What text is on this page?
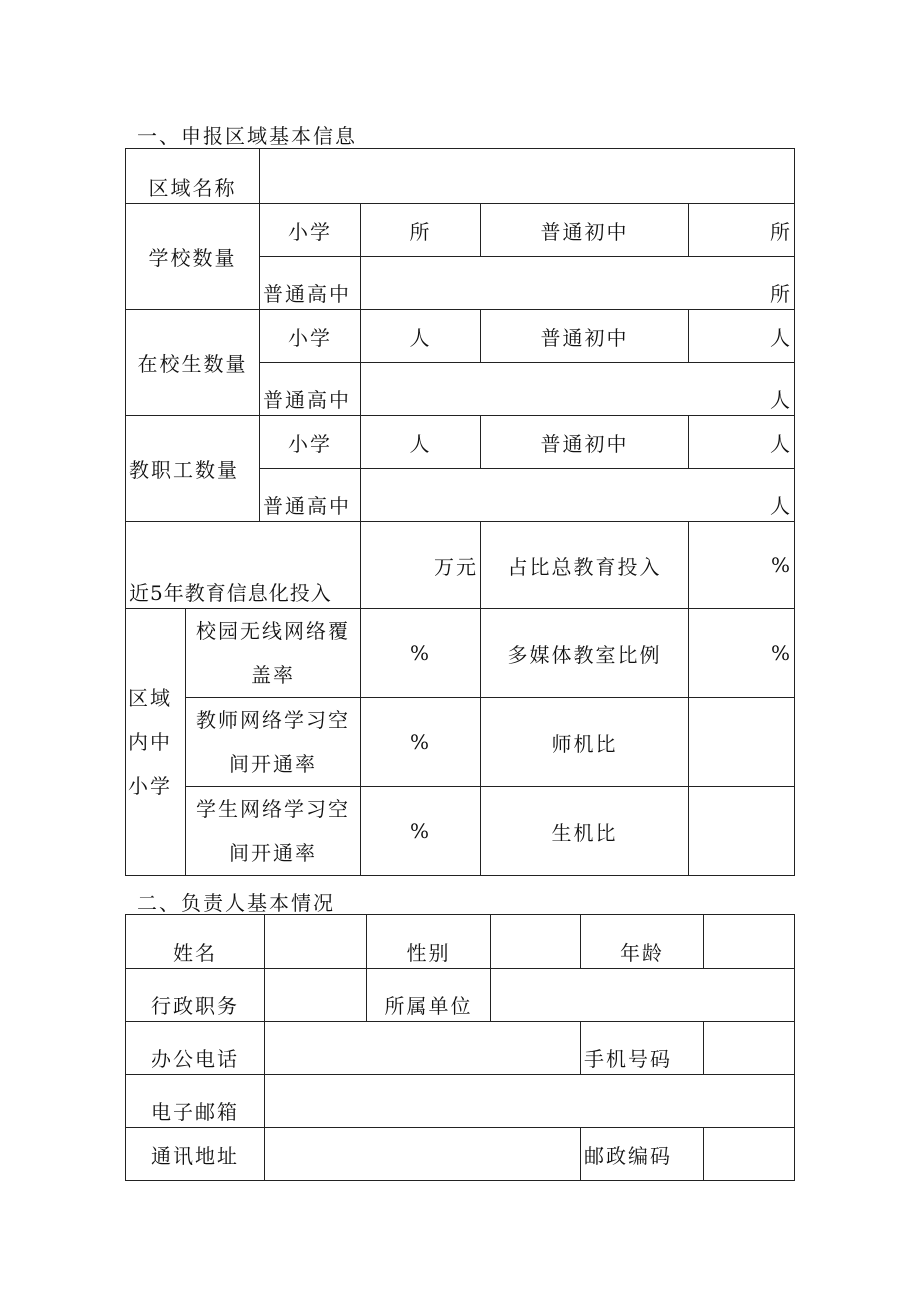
一、申报区域基本信息
区域名称					
学校数量		小学	所	普通初中	所
		普通高中	所		
在校生数量		小学	人	普通初中	人
		普通高中	人		
教职工数量		小学	人	普通初中	人
		普通高中	人		
近5年教育信息化投入			万元	占比总教育投入	%
区域内中小学	校园无线网络覆盖率		%	多媒体教室比例	%
	教师网络学习空间开通率		%	师机比	
	学生网络学习空间开通率		%	生机比	
二、负责人基本情况
姓名		性别		年龄	
行政职务		所属单位			
办公电话				手机号码	
电子邮箱					
通讯地址				邮政编码	
